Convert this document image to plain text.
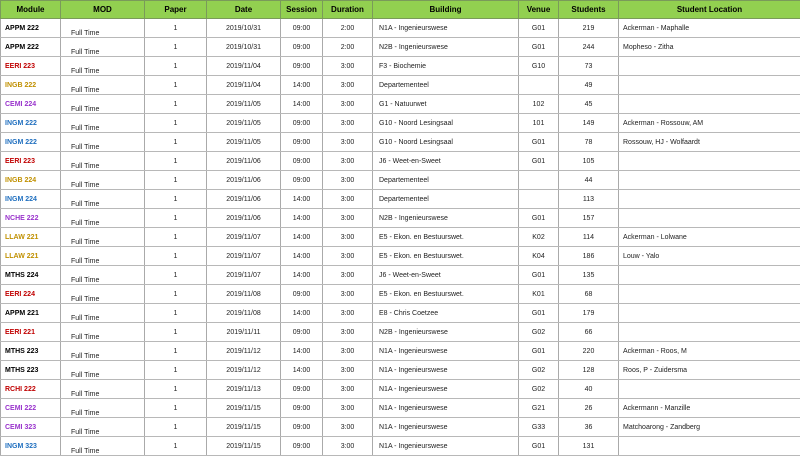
Module	MOD	Paper	Date	Session	Duration	Building	Venue	Students	Student Location
APPM 222	Full Time	1	2019/10/31	09:00	2:00	N1A - Ingenieurswese	G01	219	Ackerman - Maphalle
APPM 222	Full Time	1	2019/10/31	09:00	2:00	N2B - Ingenieurswese	G01	244	Mopheso - Zitha
EERI 223	Full Time	1	2019/11/04	09:00	3:00	F3 - Biochemie	G10	73	
INGB 222	Full Time	1	2019/11/04	14:00	3:00	Departementeel		49	
CEMI 224	Full Time	1	2019/11/05	14:00	3:00	G1 - Natuurwet	102	45	
INGM 222	Full Time	1	2019/11/05	09:00	3:00	G10 - Noord Lesingsaal	101	149	Ackerman - Rossouw, AM
INGM 222	Full Time	1	2019/11/05	09:00	3:00	G10 - Noord Lesingsaal	G01	78	Rossouw, HJ - Wolfaardt
EERI 223	Full Time	1	2019/11/06	09:00	3:00	J6 - Weet-en-Sweet	G01	105	
INGB 224	Full Time	1	2019/11/06	09:00	3:00	Departementeel		44	
INGM 224	Full Time	1	2019/11/06	14:00	3:00	Departementeel		113	
NCHE 222	Full Time	1	2019/11/06	14:00	3:00	N2B - Ingenieurswese	G01	157	
LLAW 221	Full Time	1	2019/11/07	14:00	3:00	E5 - Ekon. en Bestuurswet.	K02	114	Ackerman - Lolwane
LLAW 221	Full Time	1	2019/11/07	14:00	3:00	E5 - Ekon. en Bestuurswet.	K04	186	Louw - Yalo
MTHS 224	Full Time	1	2019/11/07	14:00	3:00	J6 - Weet-en-Sweet	G01	135	
EERI 224	Full Time	1	2019/11/08	09:00	3:00	E5 - Ekon. en Bestuurswet.	K01	68	
APPM 221	Full Time	1	2019/11/08	14:00	3:00	E8 - Chris Coetzee	G01	179	
EERI 221	Full Time	1	2019/11/11	09:00	3:00	N2B - Ingenieurswese	G02	66	
MTHS 223	Full Time	1	2019/11/12	14:00	3:00	N1A - Ingenieurswese	G01	220	Ackerman - Roos, M
MTHS 223	Full Time	1	2019/11/12	14:00	3:00	N1A - Ingenieurswese	G02	128	Roos, P - Zuidersma
RCHI 222	Full Time	1	2019/11/13	09:00	3:00	N1A - Ingenieurswese	G02	40	
CEMI 222	Full Time	1	2019/11/15	09:00	3:00	N1A - Ingenieurswese	G21	26	Ackermann - Manzille
CEMI 323	Full Time	1	2019/11/15	09:00	3:00	N1A - Ingenieurswese	G33	36	Matchoarong - Zandberg
INGM 323	Full Time	1	2019/11/15	09:00	3:00	N1A - Ingenieurswese	G01	131	
